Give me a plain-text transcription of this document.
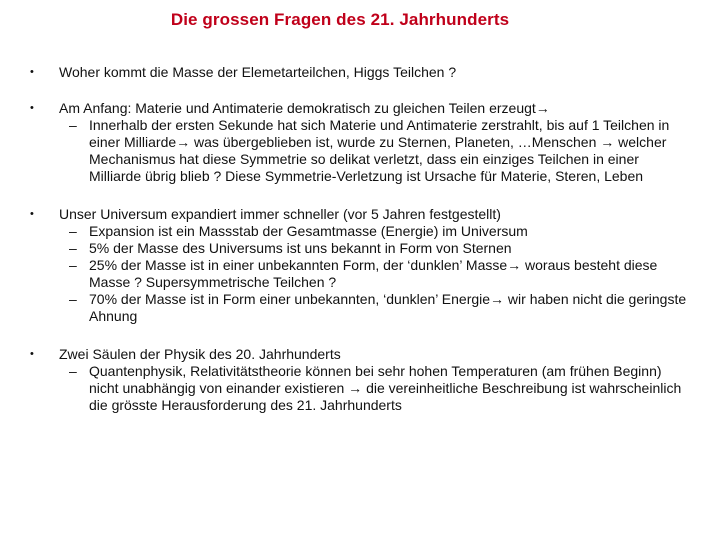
Die grossen Fragen des 21. Jahrhunderts
• Woher kommt die Masse der Elemetarteilchen, Higgs Teilchen ?
• Am Anfang: Materie und Antimaterie demokratisch zu gleichen Teilen erzeugt→
– Innerhalb der ersten Sekunde hat sich Materie und Antimaterie zerstrahlt, bis auf 1 Teilchen in einer Milliarde→ was übergeblieben ist, wurde zu Sternen, Planeten, …Menschen → welcher Mechanismus hat diese Symmetrie so delikat verletzt, dass ein einziges Teilchen in einer Milliarde übrig blieb ? Diese Symmetrie-Verletzung ist Ursache für Materie, Steren, Leben
• Unser Universum expandiert immer schneller (vor 5 Jahren festgestellt)
– Expansion ist ein Massstab der Gesamtmasse (Energie) im Universum
– 5% der Masse des Universums ist uns bekannt in Form von Sternen
– 25% der Masse ist in einer unbekannten Form, der ‘dunklen’ Masse→ woraus besteht diese Masse ? Supersymmetrische Teilchen ?
– 70% der Masse ist in Form einer unbekannten, ‘dunklen’ Energie→ wir haben nicht die geringste Ahnung
• Zwei Säulen der Physik des 20. Jahrhunderts
– Quantenphysik, Relativitätstheorie können bei sehr hohen Temperaturen (am frühen Beginn) nicht unabhängig von einander existieren → die vereinheitliche Beschreibung ist wahrscheinlich die grösste Herausforderung des 21. Jahrhunderts
